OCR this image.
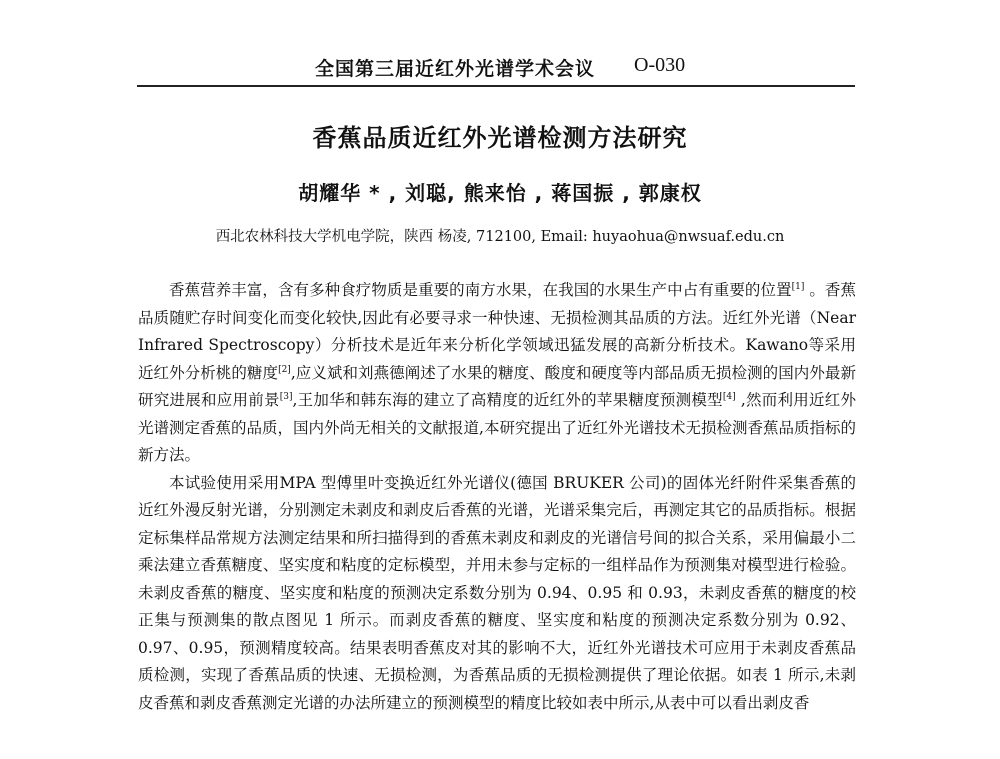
全国第三届近红外光谱学术会议 O-030
香蕉品质近红外光谱检测方法研究
胡耀华 * , 刘聪, 熊来怡 , 蒋国振 , 郭康权
西北农林科技大学机电学院，陕西 杨凌, 712100, Email: huyaohua@nwsuaf.edu.cn

香蕉营养丰富，含有多种食疗物质是重要的南方水果，在我国的水果生产中占有重要的位置[1] 。香蕉品质随贮存时间变化而变化较快,因此有必要寻求一种快速、无损检测其品质的方法。近红外光谱（Near Infrared Spectroscopy）分析技术是近年来分析化学领域迅猛发展的高新分析技术。Kawano等采用近红外分析桃的糖度[2],应义斌和刘燕德阐述了水果的糖度、酸度和硬度等内部品质无损检测的国内外最新研究进展和应用前景[3],王加华和韩东海的建立了高精度的近红外的苹果糖度预测模型[4] ,然而利用近红外光谱测定香蕉的品质，国内外尚无相关的文献报道,本研究提出了近红外光谱技术无损检测香蕉品质指标的新方法。

本试验使用采用MPA 型傅里叶变换近红外光谱仪(德国 BRUKER 公司)的固体光纤附件采集香蕉的近红外漫反射光谱，分别测定未剥皮和剥皮后香蕉的光谱，光谱采集完后，再测定其它的品质指标。根据定标集样品常规方法测定结果和所扫描得到的香蕉未剥皮和剥皮的光谱信号间的拟合关系，采用偏最小二乘法建立香蕉糖度、坚实度和粘度的定标模型，并用未参与定标的一组样品作为预测集对模型进行检验。未剥皮香蕉的糖度、坚实度和粘度的预测决定系数分别为 0.94、0.95 和 0.93，未剥皮香蕉的糖度的校正集与预测集的散点图见 1 所示。而剥皮香蕉的糖度、坚实度和粘度的预测决定系数分别为 0.92、0.97、0.95，预测精度较高。结果表明香蕉皮对其的影响不大，近红外光谱技术可应用于未剥皮香蕉品质检测，实现了香蕉品质的快速、无损检测，为香蕉品质的无损检测提供了理论依据。如表 1 所示,未剥皮香蕉和剥皮香蕉测定光谱的办法所建立的预测模型的精度比较如表中所示,从表中可以看出剥皮香
